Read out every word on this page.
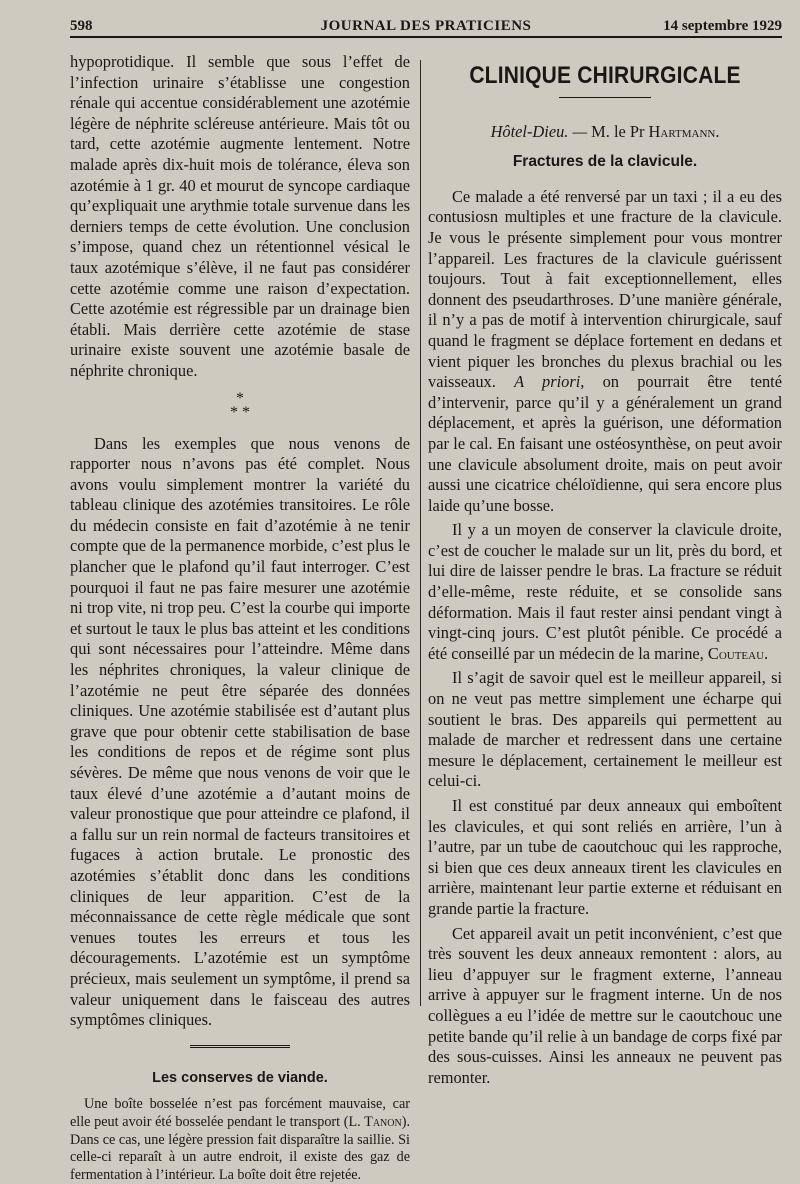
598	JOURNAL DES PRATICIENS	14 septembre 1929

hypoprotidique. Il semble que sous l’effet de l’infection urinaire s’établisse une congestion rénale qui accentue considérablement une azotémie légère de néphrite scléreuse antérieure. Mais tôt ou tard, cette azotémie augmente lentement. Notre malade après dix-huit mois de tolérance, éleva son azotémie à 1 gr. 40 et mourut de syncope cardiaque qu’expliquait une arythmie totale survenue dans les derniers temps de cette évolution. Une conclusion s’impose, quand chez un rétentionnel vésical le taux azotémique s’élève, il ne faut pas considérer cette azotémie comme une raison d’expectation. Cette azotémie est régressible par un drainage bien établi. Mais derrière cette azotémie de stase urinaire existe souvent une azotémie basale de néphrite chronique.

*
* *

Dans les exemples que nous venons de rapporter nous n’avons pas été complet. Nous avons voulu simplement montrer la variété du tableau clinique des azotémies transitoires. Le rôle du médecin consiste en fait d’azotémie à ne tenir compte que de la permanence morbide, c’est plus le plancher que le plafond qu’il faut interroger. C’est pourquoi il faut ne pas faire mesurer une azotémie ni trop vite, ni trop peu. C’est la courbe qui importe et surtout le taux le plus bas atteint et les conditions qui sont nécessaires pour l’atteindre. Même dans les néphrites chroniques, la valeur clinique de l’azotémie ne peut être séparée des données cliniques. Une azotémie stabilisée est d’autant plus grave que pour obtenir cette stabilisation de base les conditions de repos et de régime sont plus sévères. De même que nous venons de voir que le taux élevé d’une azotémie a d’autant moins de valeur pronostique que pour atteindre ce plafond, il a fallu sur un rein normal de facteurs transitoires et fugaces à action brutale. Le pronostic des azotémies s’établit donc dans les conditions cliniques de leur apparition. C’est de la méconnaissance de cette règle médicale que sont venues toutes les erreurs et tous les découragements. L’azotémie est un symptôme précieux, mais seulement un symptôme, il prend sa valeur uniquement dans le faisceau des autres symptômes cliniques.

Les conserves de viande.

Une boîte bosselée n’est pas forcément mauvaise, car elle peut avoir été bosselée pendant le transport (L. Tanon). Dans ce cas, une légère pression fait disparaître la saillie. Si celle-ci reparaît à un autre endroit, il existe des gaz de fermentation à l’intérieur. La boîte doit être rejetée.

CLINIQUE CHIRURGICALE
Hôtel-Dieu. — M. le Pr Hartmann.
Fractures de la clavicule.

Ce malade a été renversé par un taxi ; il a eu des contusiosn multiples et une fracture de la clavicule. Je vous le présente simplement pour vous montrer l’appareil. Les fractures de la clavicule guérissent toujours. Tout à fait exceptionnellement, elles donnent des pseudarthroses. D’une manière générale, il n’y a pas de motif à intervention chirurgicale, sauf quand le fragment se déplace fortement en dedans et vient piquer les bronches du plexus brachial ou les vaisseaux. A priori, on pourrait être tenté d’intervenir, parce qu’il y a généralement un grand déplacement, et après la guérison, une déformation par le cal. En faisant une ostéosynthèse, on peut avoir une clavicule absolument droite, mais on peut avoir aussi une cicatrice chéloïdienne, qui sera encore plus laide qu’une bosse.

Il y a un moyen de conserver la clavicule droite, c’est de coucher le malade sur un lit, près du bord, et lui dire de laisser pendre le bras. La fracture se réduit d’elle-même, reste réduite, et se consolide sans déformation. Mais il faut rester ainsi pendant vingt à vingt-cinq jours. C’est plutôt pénible. Ce procédé a été conseillé par un médecin de la marine, Couteau.

Il s’agit de savoir quel est le meilleur appareil, si on ne veut pas mettre simplement une écharpe qui soutient le bras. Des appareils qui permettent au malade de marcher et redressent dans une certaine mesure le déplacement, certainement le meilleur est celui-ci.

Il est constitué par deux anneaux qui emboîtent les clavicules, et qui sont reliés en arrière, l’un à l’autre, par un tube de caoutchouc qui les rapproche, si bien que ces deux anneaux tirent les clavicules en arrière, maintenant leur partie externe et réduisant en grande partie la fracture.

Cet appareil avait un petit inconvénient, c’est que très souvent les deux anneaux remontent : alors, au lieu d’appuyer sur le fragment externe, l’anneau arrive à appuyer sur le fragment interne. Un de nos collègues a eu l’idée de mettre sur le caoutchouc une petite bande qu’il relie à un bandage de corps fixé par des sous-cuisses. Ainsi les anneaux ne peuvent pas remonter.
